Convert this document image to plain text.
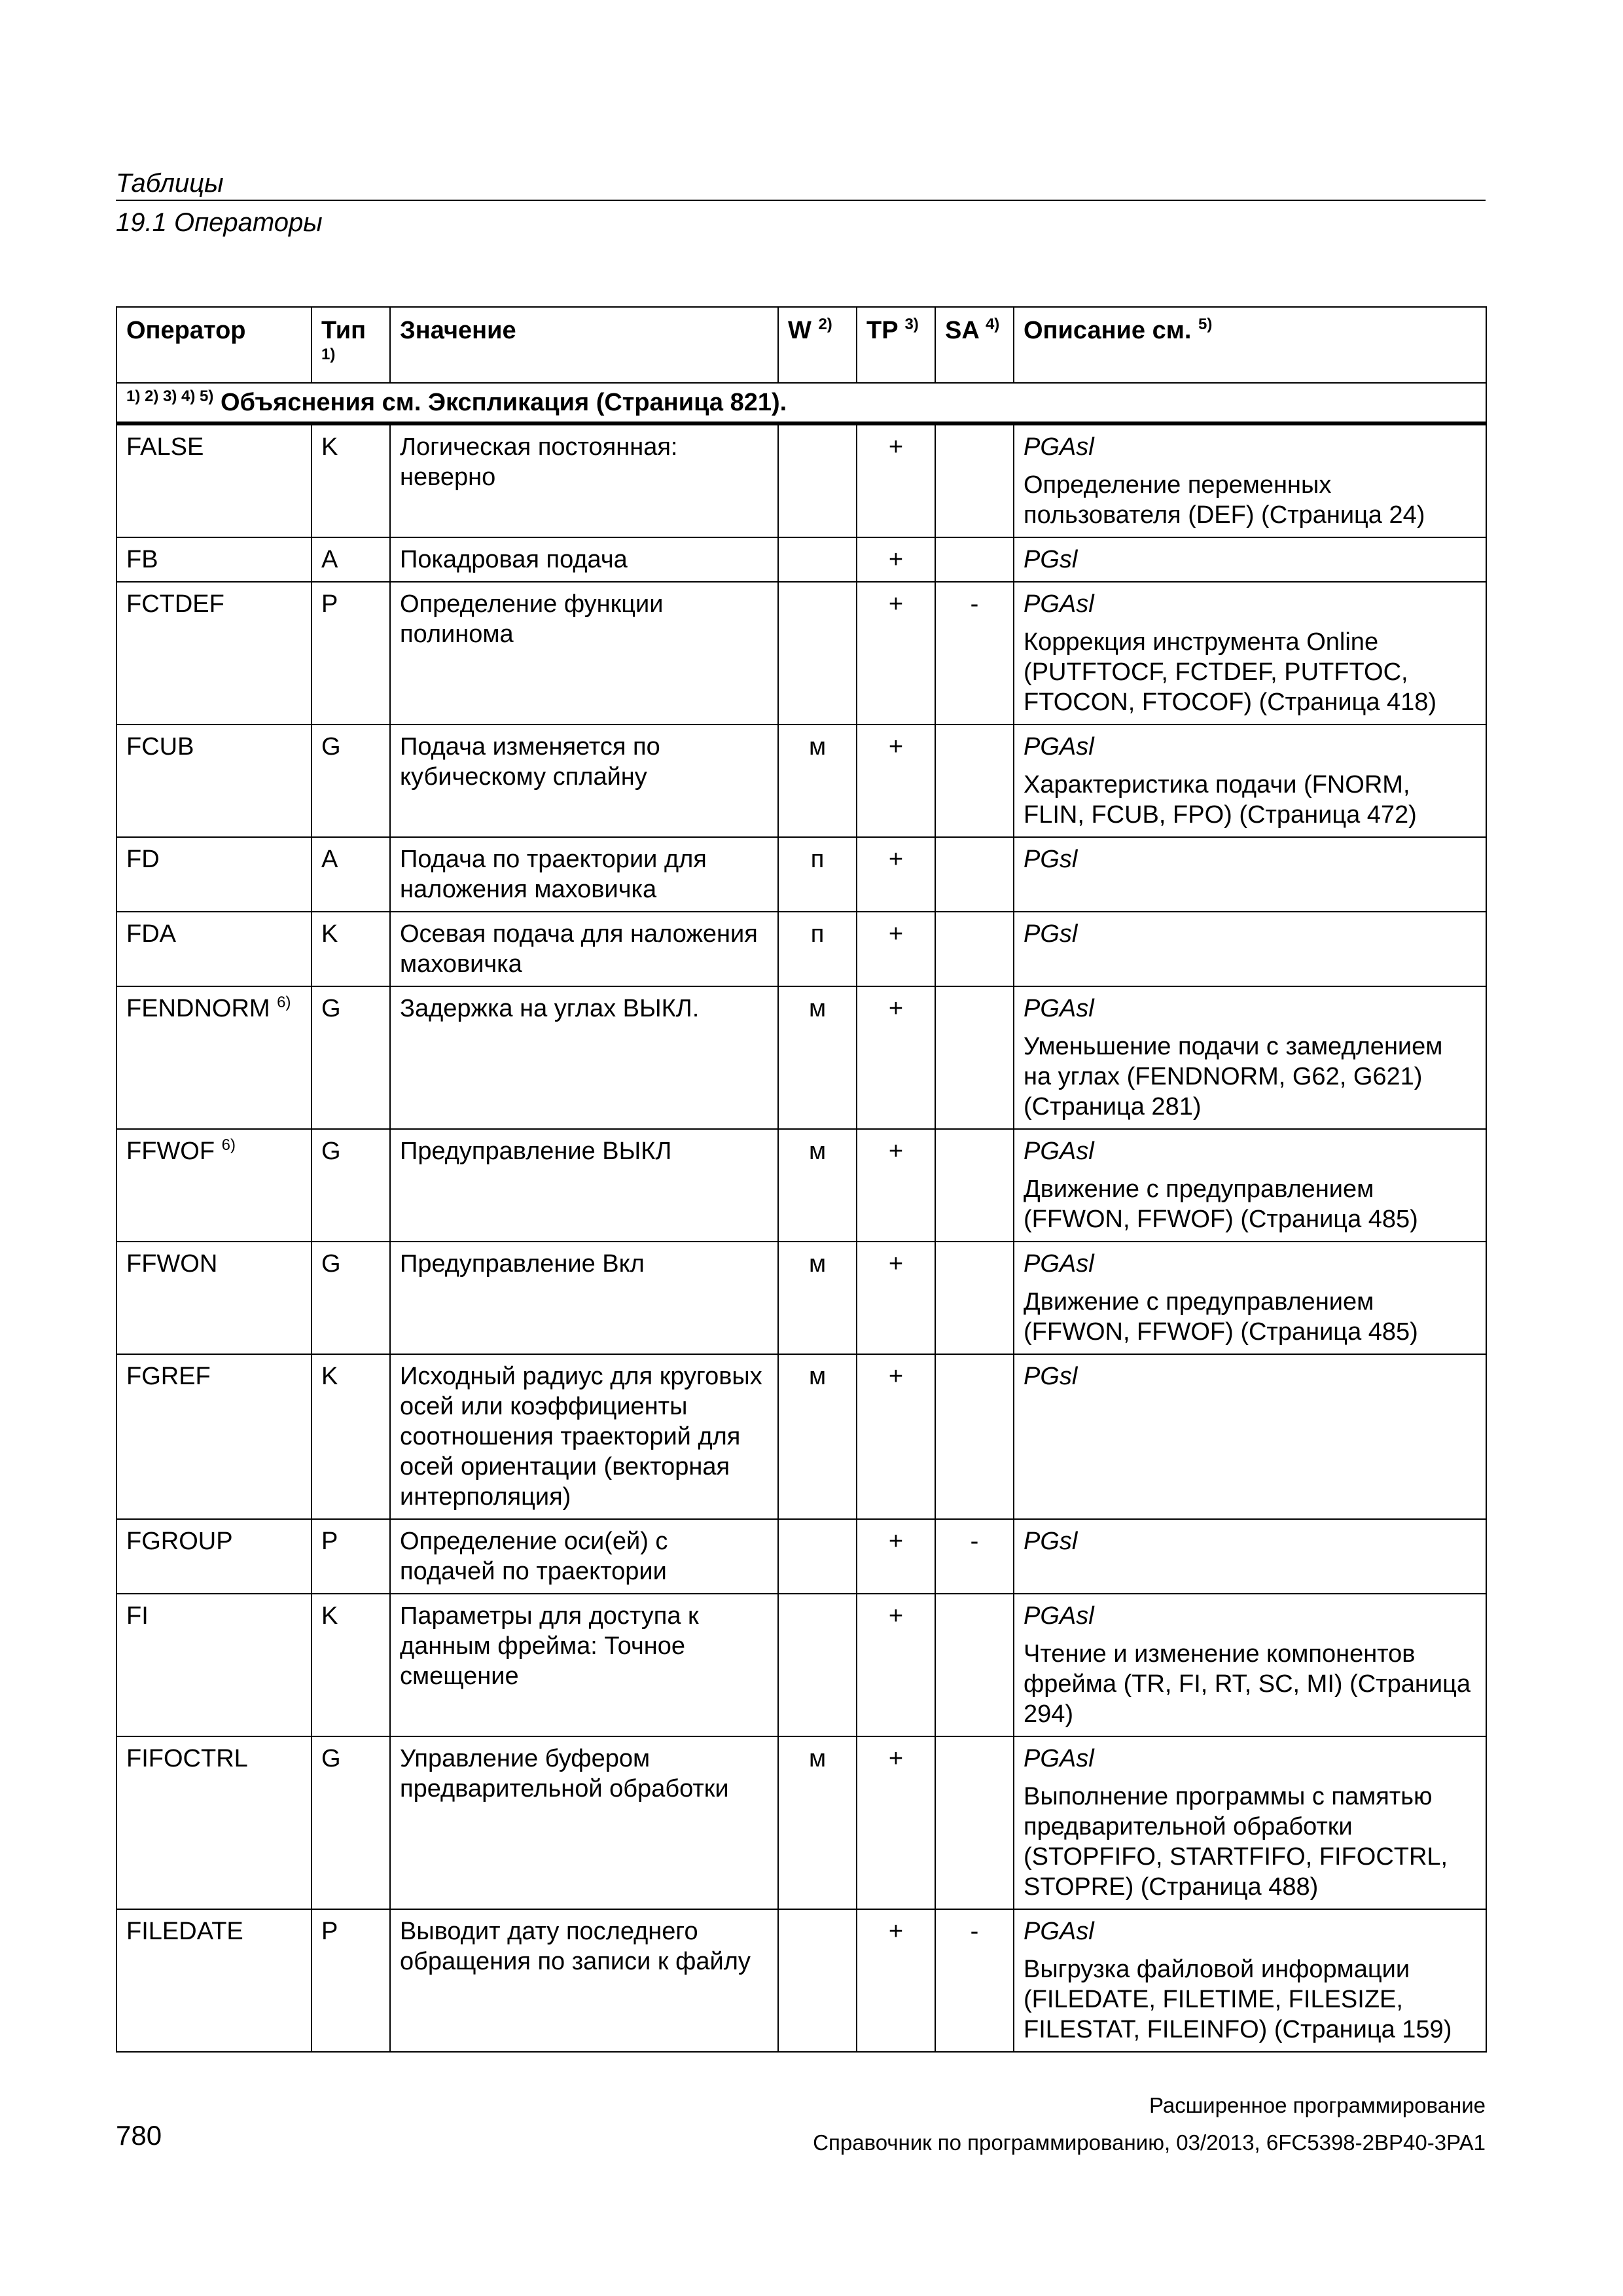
Таблицы
19.1 Операторы
Оператор	Тип $^{1)}$	Значение	W $^{2)}$	TP $^{3)}$	SA $^{4)}$	Описание см. $^{5)}$
$^{1) 2) 3) 4) 5)}$ Объяснения см. Экспликация (Страница 821).						
FALSE	K	Логическая постоянная: неверно		+		PGAsl
Определение переменных пользователя (DEF) (Страница 24)

FB	A	Покадровая подача		+		PGsl

FCTDEF	P	Определение функции полинома		+	-	PGAsl
Коррекция инструмента Online (PUTFTOCF, FCTDEF, PUTFTOC, FTOCON, FTOCOF) (Страница 418)

FCUB	G	Подача изменяется по кубическому сплайну	м	+		PGAsl
Характеристика подачи (FNORM, FLIN, FCUB, FPO) (Страница 472)

FD	A	Подача по траектории для наложения маховичка	п	+		PGsl

FDA	K	Осевая подача для наложения маховичка	п	+		PGsl

FENDNORM $^{6)}$	G	Задержка на углах ВЫКЛ.	м	+		PGAsl
Уменьшение подачи с замедлением на углах (FENDNORM, G62, G621) (Страница 281)

FFWOF $^{6)}$	G	Предуправление ВЫКЛ	м	+		PGAsl
Движение с предуправлением (FFWON, FFWOF) (Страница 485)

FFWON	G	Предуправление Вкл	м	+		PGAsl
Движение с предуправлением (FFWON, FFWOF) (Страница 485)

FGREF	K	Исходный радиус для круговых осей или коэффициенты соотношения траекторий для осей ориентации (векторная интерполяция)	м	+		PGsl

FGROUP	P	Определение оси(ей) с подачей по траектории		+	-	PGsl

FI	K	Параметры для доступа к данным фрейма: Точное смещение		+		PGAsl
Чтение и изменение компонентов фрейма (TR, FI, RT, SC, MI) (Страница 294)

FIFOCTRL	G	Управление буфером предварительной обработки	м	+		PGAsl
Выполнение программы с памятью предварительной обработки (STOPFIFO, STARTFIFO, FIFOCTRL, STOPRE) (Страница 488)

FILEDATE	P	Выводит дату последнего обращения по записи к файлу		+	-	PGAsl
Выгрузка файловой информации (FILEDATE, FILETIME, FILESIZE, FILESTAT, FILEINFO) (Страница 159)
Расширенное программирование
780	Справочник по программированию, 03/2013, 6FC5398-2BP40-3PA1
